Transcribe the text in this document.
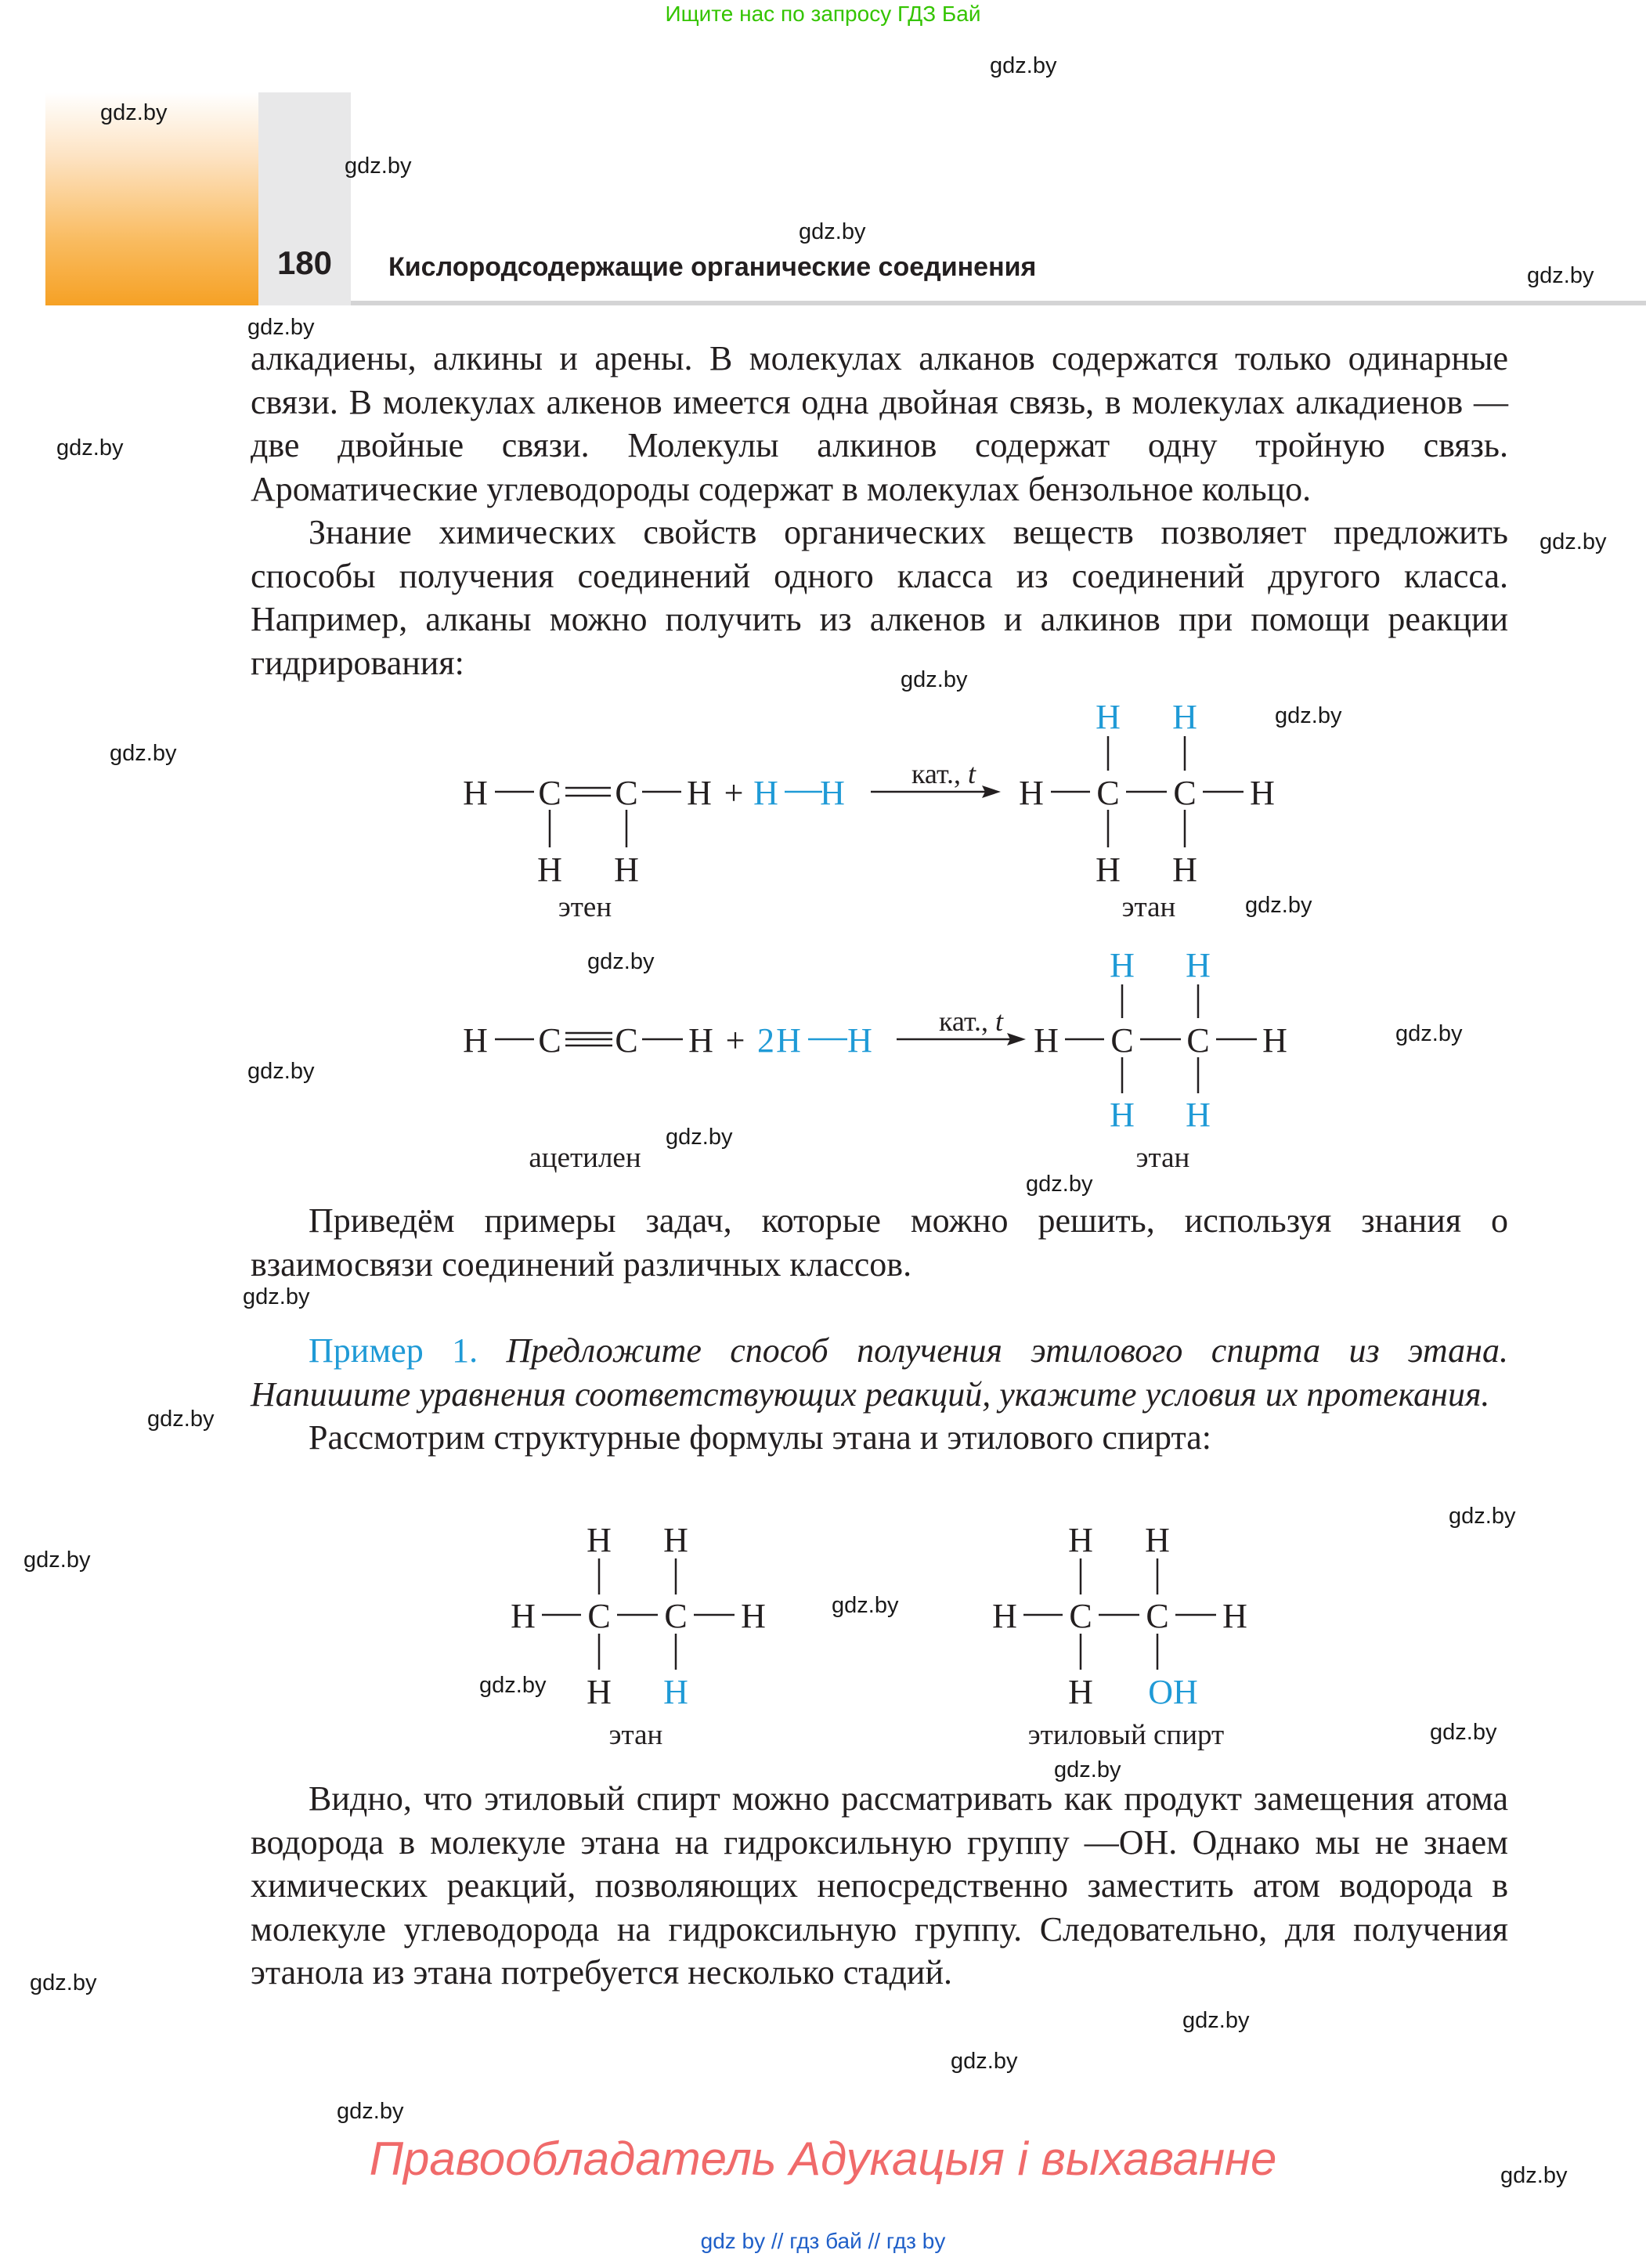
Ищите нас по запросу ГДЗ Бай
180	Кислородсодержащие органические соединения

алкадиены, алкины и арены. В молекулах алканов содержатся только одинарные связи. В молекулах алкенов имеется одна двойная связь, в молекулах алкадиенов — две двойные связи. Молекулы алкинов содержат одну тройную связь. Ароматические углеводороды содержат в молекулах бензольное кольцо.

Знание химических свойств органических веществ позволяет предложить способы получения соединений одного класса из соединений другого класса. Например, алканы можно получить из алкенов и алкинов при помощи реакции гидрирования:

H C C H
H H
+ H H кат., t H C C H
H H
H H
этен	этан
H C C H + 2 H H кат., t H C C H
H H
H H
ацетилен	этан

Приведём примеры задач, которые можно решить, используя знания о взаимосвязи соединений различных классов.

Пример 1. Предложите способ получения этилового спирта из этана. Напишите уравнения соответствующих реакций, укажите условия их протекания.

Рассмотрим структурные формулы этана и этилового спирта:

H C C H
H H
H H
этан
H C C H
H H
H OH
этиловый спирт

Видно, что этиловый спирт можно рассматривать как продукт замещения атома водорода в молекуле этана на гидроксильную группу —OH. Однако мы не знаем химических реакций, позволяющих непосредственно заместить атом водорода в молекуле углеводорода на гидроксильную группу. Следовательно, для получения этанола из этана потребуется несколько стадий.

gdz.by
gdz.by
gdz.by
gdz.by
gdz.by
gdz.by
gdz.by
gdz.by
gdz.by
gdz.by
gdz.by
gdz.by
gdz.by
gdz.by
gdz.by
gdz.by
gdz.by
gdz.by
gdz.by
gdz.by
gdz.by
gdz.by
gdz.by
gdz.by
gdz.by
gdz.by
gdz.by
gdz.by
gdz.by
gdz.by
Правообладатель Адукацыя і выхаванне
gdz by // гдз бай // гдз by
